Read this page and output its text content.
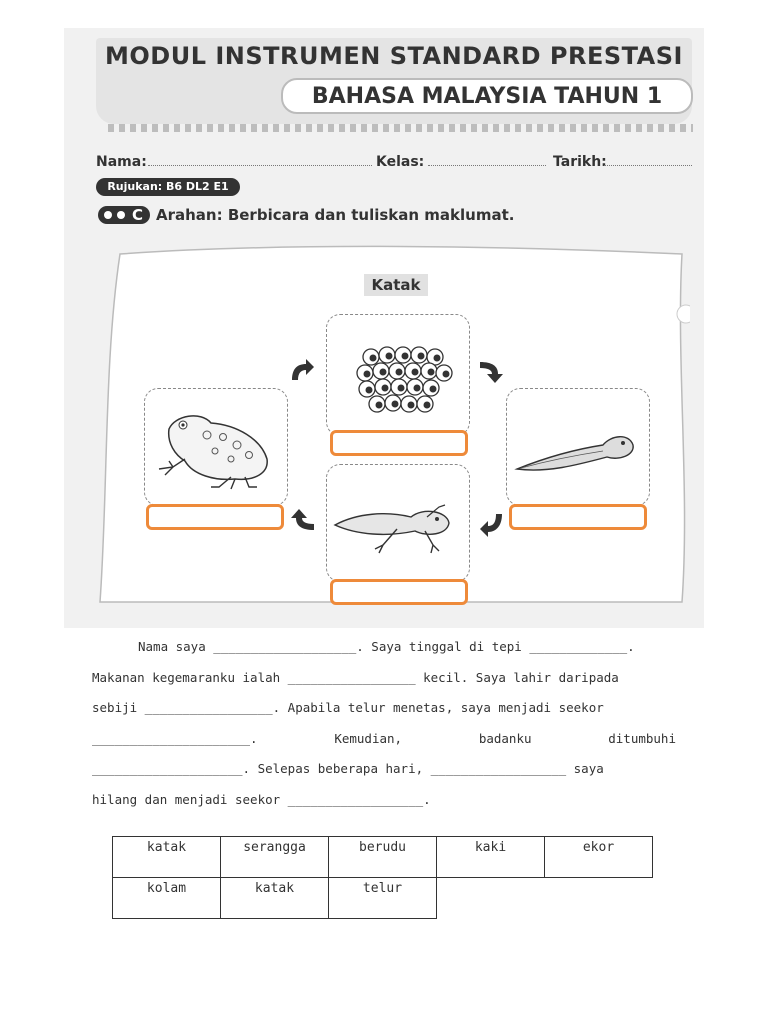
MODUL INSTRUMEN STANDARD PRESTASI
BAHASA MALAYSIA TAHUN 1
Nama:	Kelas:	Tarikh:
Rujukan: B6 DL2 E1
C Arahan: Berbicara dan tuliskan maklumat.
Katak
Nama saya ___________________. Saya tinggal di tepi _____________.
Makanan kegemaranku ialah _________________ kecil. Saya lahir daripada
sebiji _________________. Apabila telur menetas, saya menjadi seekor
_____________________. Kemudian, badanku ditumbuhi
____________________. Selepas beberapa hari, __________________ saya
hilang dan menjadi seekor __________________.
katak	serangga	berudu	kaki	ekor
kolam	katak	telur		
